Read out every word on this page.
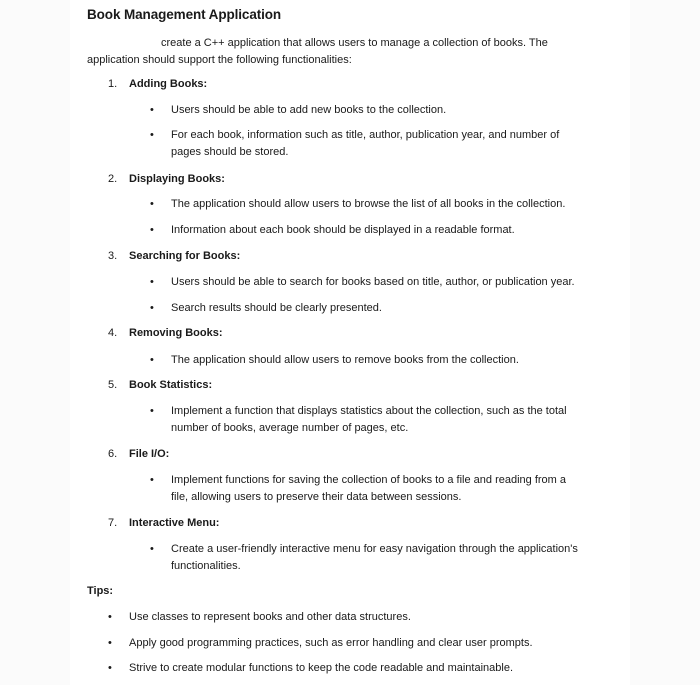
Book Management Application
create a C++ application that allows users to manage a collection of books. The
application should support the following functionalities:
1. Adding Books:
• Users should be able to add new books to the collection.
• For each book, information such as title, author, publication year, and number of
pages should be stored.
2. Displaying Books:
• The application should allow users to browse the list of all books in the collection.
• Information about each book should be displayed in a readable format.
3. Searching for Books:
• Users should be able to search for books based on title, author, or publication year.
• Search results should be clearly presented.
4. Removing Books:
• The application should allow users to remove books from the collection.
5. Book Statistics:
• Implement a function that displays statistics about the collection, such as the total
number of books, average number of pages, etc.
6. File I/O:
• Implement functions for saving the collection of books to a file and reading from a
file, allowing users to preserve their data between sessions.
7. Interactive Menu:
• Create a user-friendly interactive menu for easy navigation through the application's
functionalities.
Tips:
• Use classes to represent books and other data structures.
• Apply good programming practices, such as error handling and clear user prompts.
• Strive to create modular functions to keep the code readable and maintainable.
